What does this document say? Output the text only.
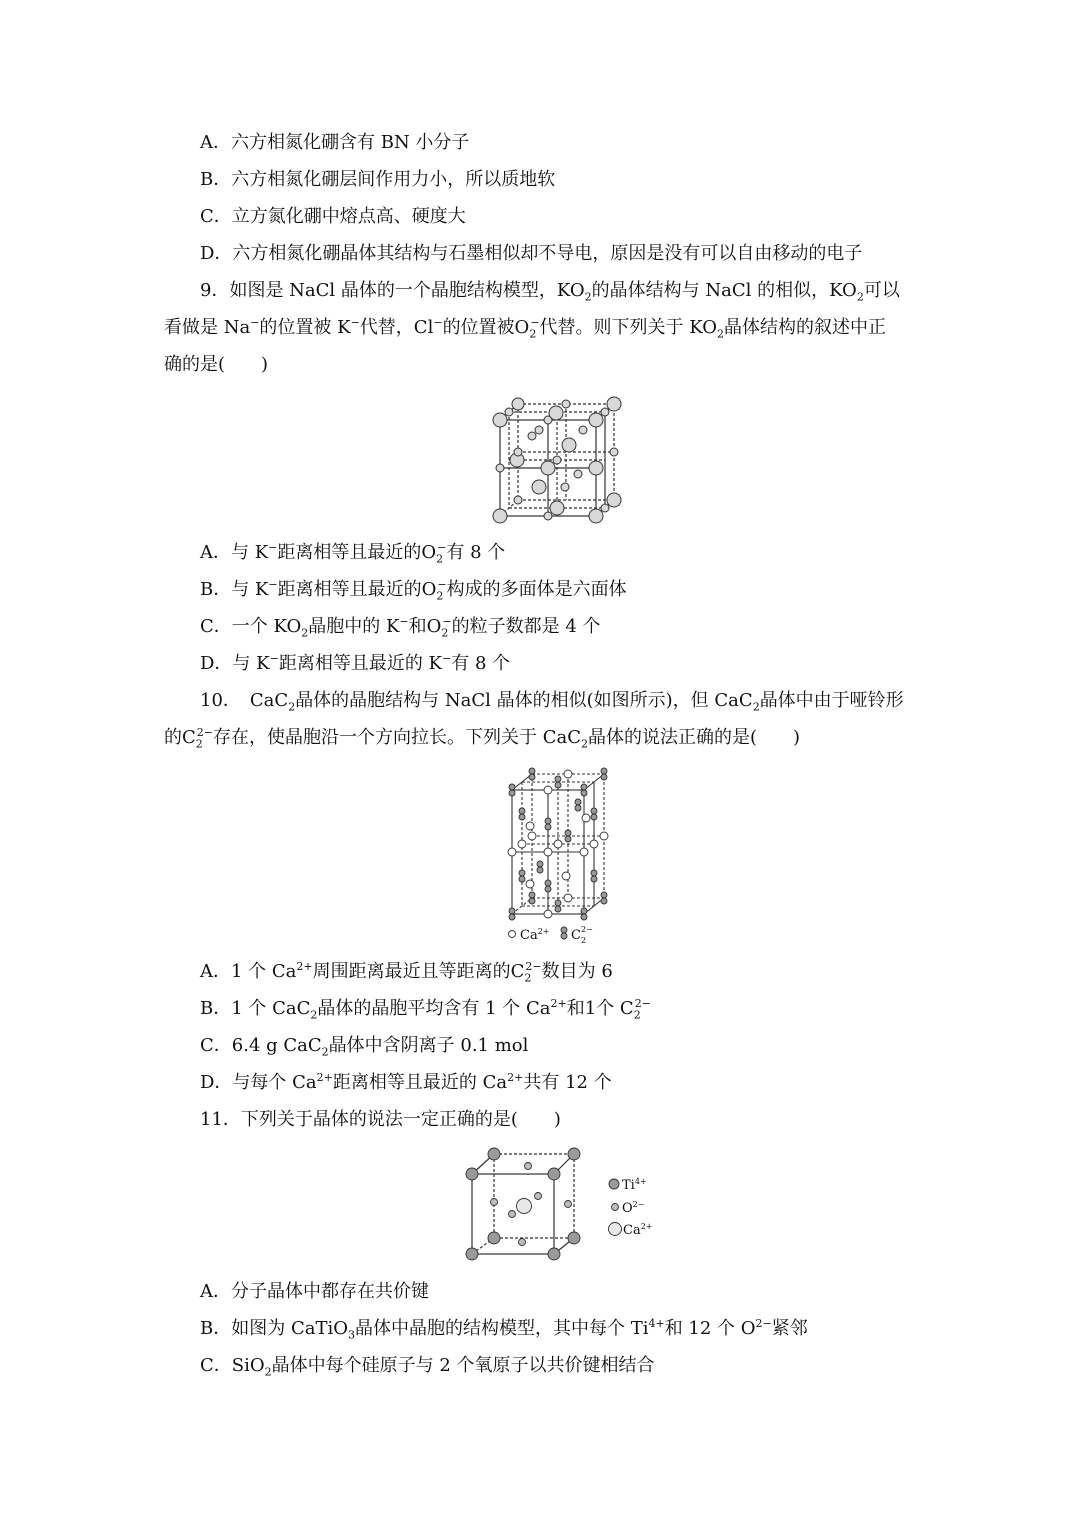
A．六方相氮化硼含有 BN 小分子
B．六方相氮化硼层间作用力小，所以质地软
C．立方氮化硼中熔点高、硬度大
D．六方相氮化硼晶体其结构与石墨相似却不导电，原因是没有可以自由移动的电子
9．如图是 NaCl 晶体的一个晶胞结构模型，$KO_2$的晶体结构与 NaCl 的相似，$KO_2$可以
看做是 Na−的位置被 K−代替，Cl−的位置被$O_2^-$代替。则下列关于 $KO_2$晶体结构的叙述中正
确的是(　　)
A．与 K−距离相等且最近的$O_2^-$有 8 个
B．与 K−距离相等且最近的$O_2^-$构成的多面体是六面体
C．一个 $KO_2$晶胞中的 K−和$O_2^-$的粒子数都是 4 个
D．与 K−距离相等且最近的 K−有 8 个
10．　CaC$_2$晶体的晶胞结构与 NaCl 晶体的相似(如图所示)，但 CaC$_2$晶体中由于哑铃形
的$C_2^{2-}$存在，使晶胞沿一个方向拉长。下列关于 CaC$_2$晶体的说法正确的是(　　)
$Ca^{2+}$ $C_22-$
A．1 个 $Ca^{2+}$周围距离最近且等距离的$C_2^{2-}$数目为 6
B．1 个 CaC$_2$晶体的晶胞平均含有 1 个 $Ca^{2+}$和1个 $C_2^{2-}$
C．6.4 g CaC$_2$晶体中含阴离子 0.1 mol
D．与每个 $Ca^{2+}$距离相等且最近的 $Ca^{2+}$共有 12 个
11．下列关于晶体的说法一定正确的是(　　)
$Ti^{4+}$
$O^{2-}$
$Ca^{2+}$
A．分子晶体中都存在共价键
B．如图为 CaTiO$_3$晶体中晶胞的结构模型，其中每个 $Ti^{4+}$和 12 个 $O^{2-}$紧邻
C．SiO$_2$晶体中每个硅原子与 2 个氧原子以共价键相结合
